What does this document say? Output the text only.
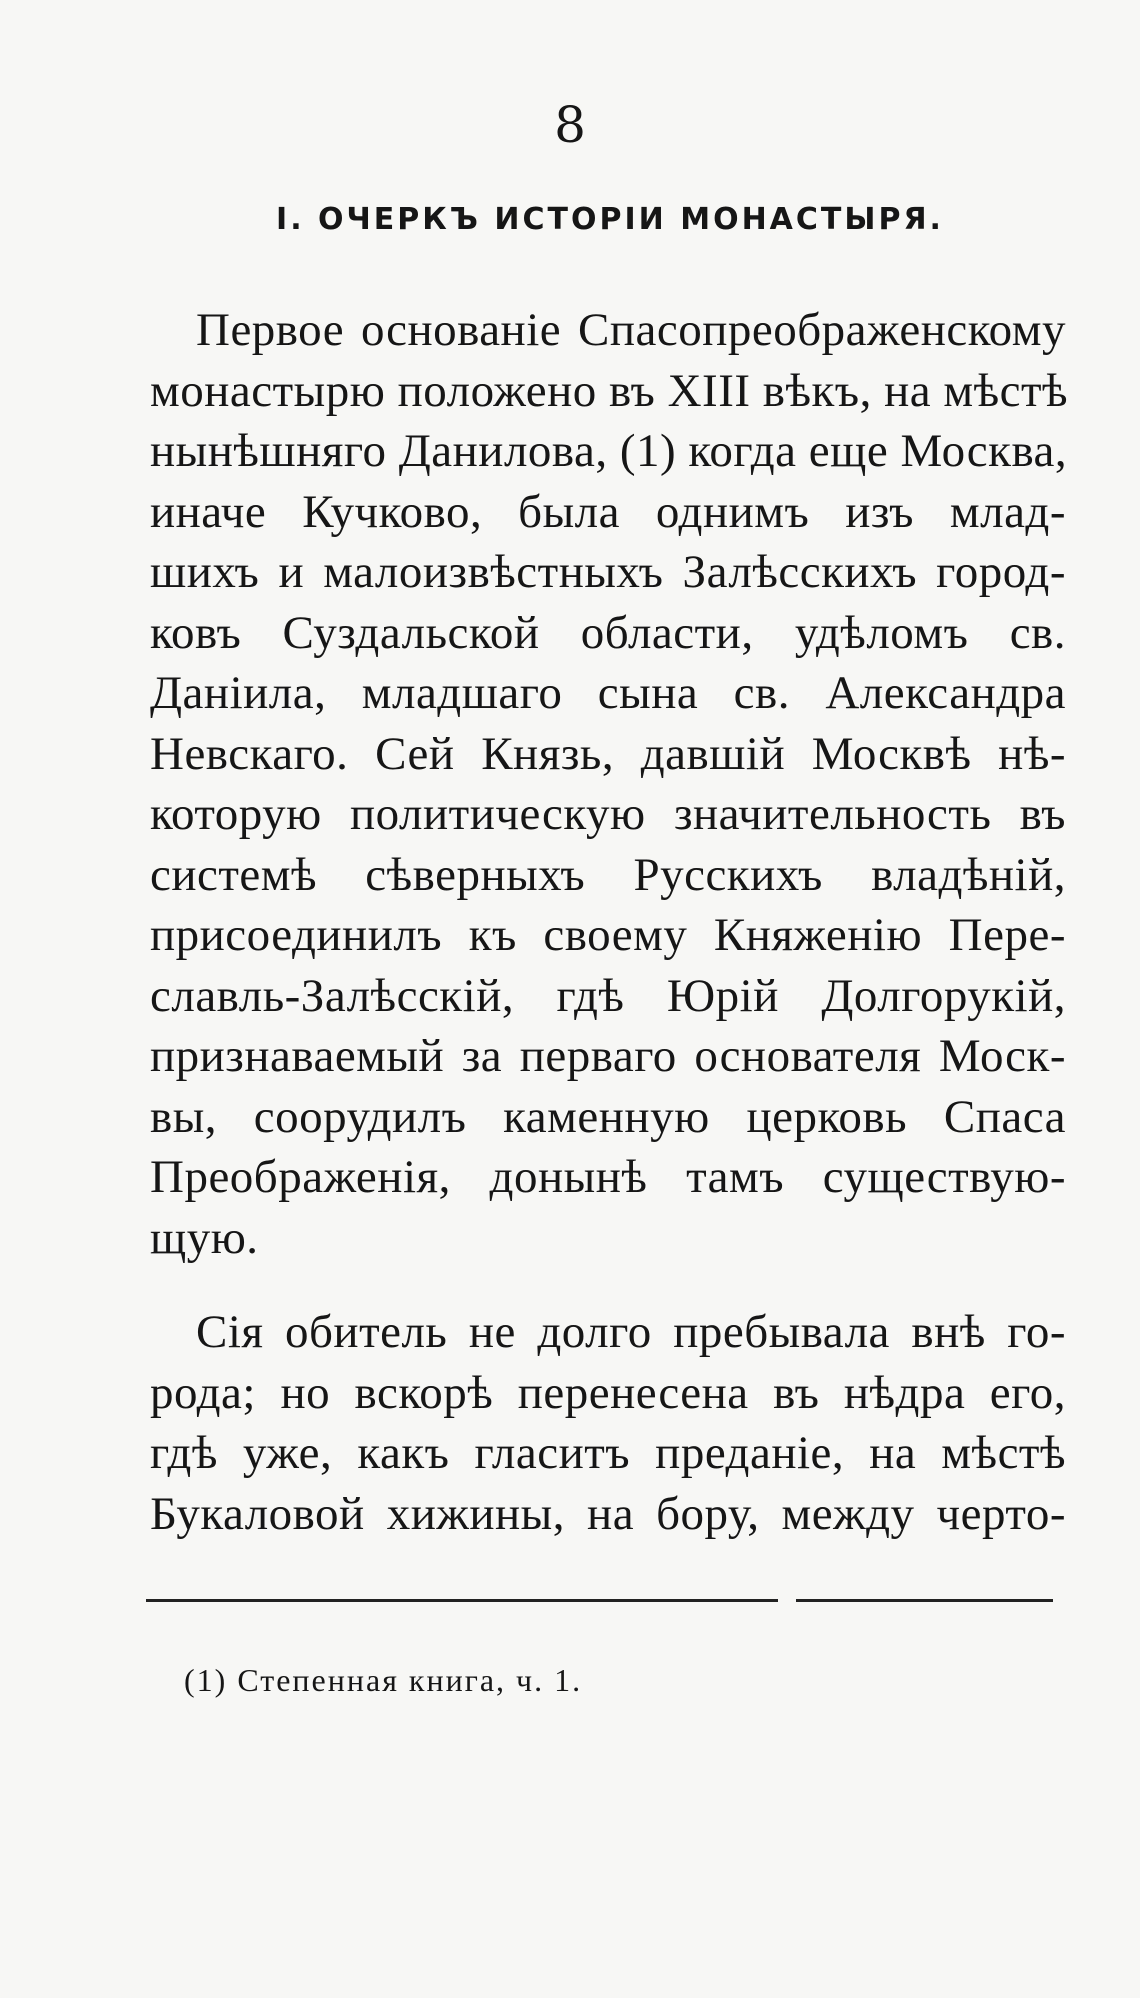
8
I. ОЧЕРКЪ ИСТОРІИ МОНАСТЫРЯ.
Первое основаніе Спасопреображенскому
монастырю положено въ XIII вѣкъ, на мѣстѣ
нынѣшняго Данилова, (1) когда еще Москва,
иначе Кучково, была однимъ изъ млад-
шихъ и малоизвѣстныхъ Залѣсскихъ город-
ковъ Суздальской области, удѣломъ св.
Даніила, младшаго сына св. Александра
Невскаго. Сей Князь, давшій Москвѣ нѣ-
которую политическую значительность въ
системѣ сѣверныхъ Русскихъ владѣній,
присоединилъ къ своему Княженію Пере-
славль-Залѣсскій, гдѣ Юрій Долгорукій,
признаваемый за перваго основателя Моск-
вы, соорудилъ каменную церковь Спаса
Преображенія, донынѣ тамъ существую-
щую.
Сія обитель не долго пребывала внѣ го-
рода; но вскорѣ перенесена въ нѣдра его,
гдѣ уже, какъ гласитъ преданіе, на мѣстѣ
Букаловой хижины, на бору, между черто-
(1) Степенная книга, ч. 1.
